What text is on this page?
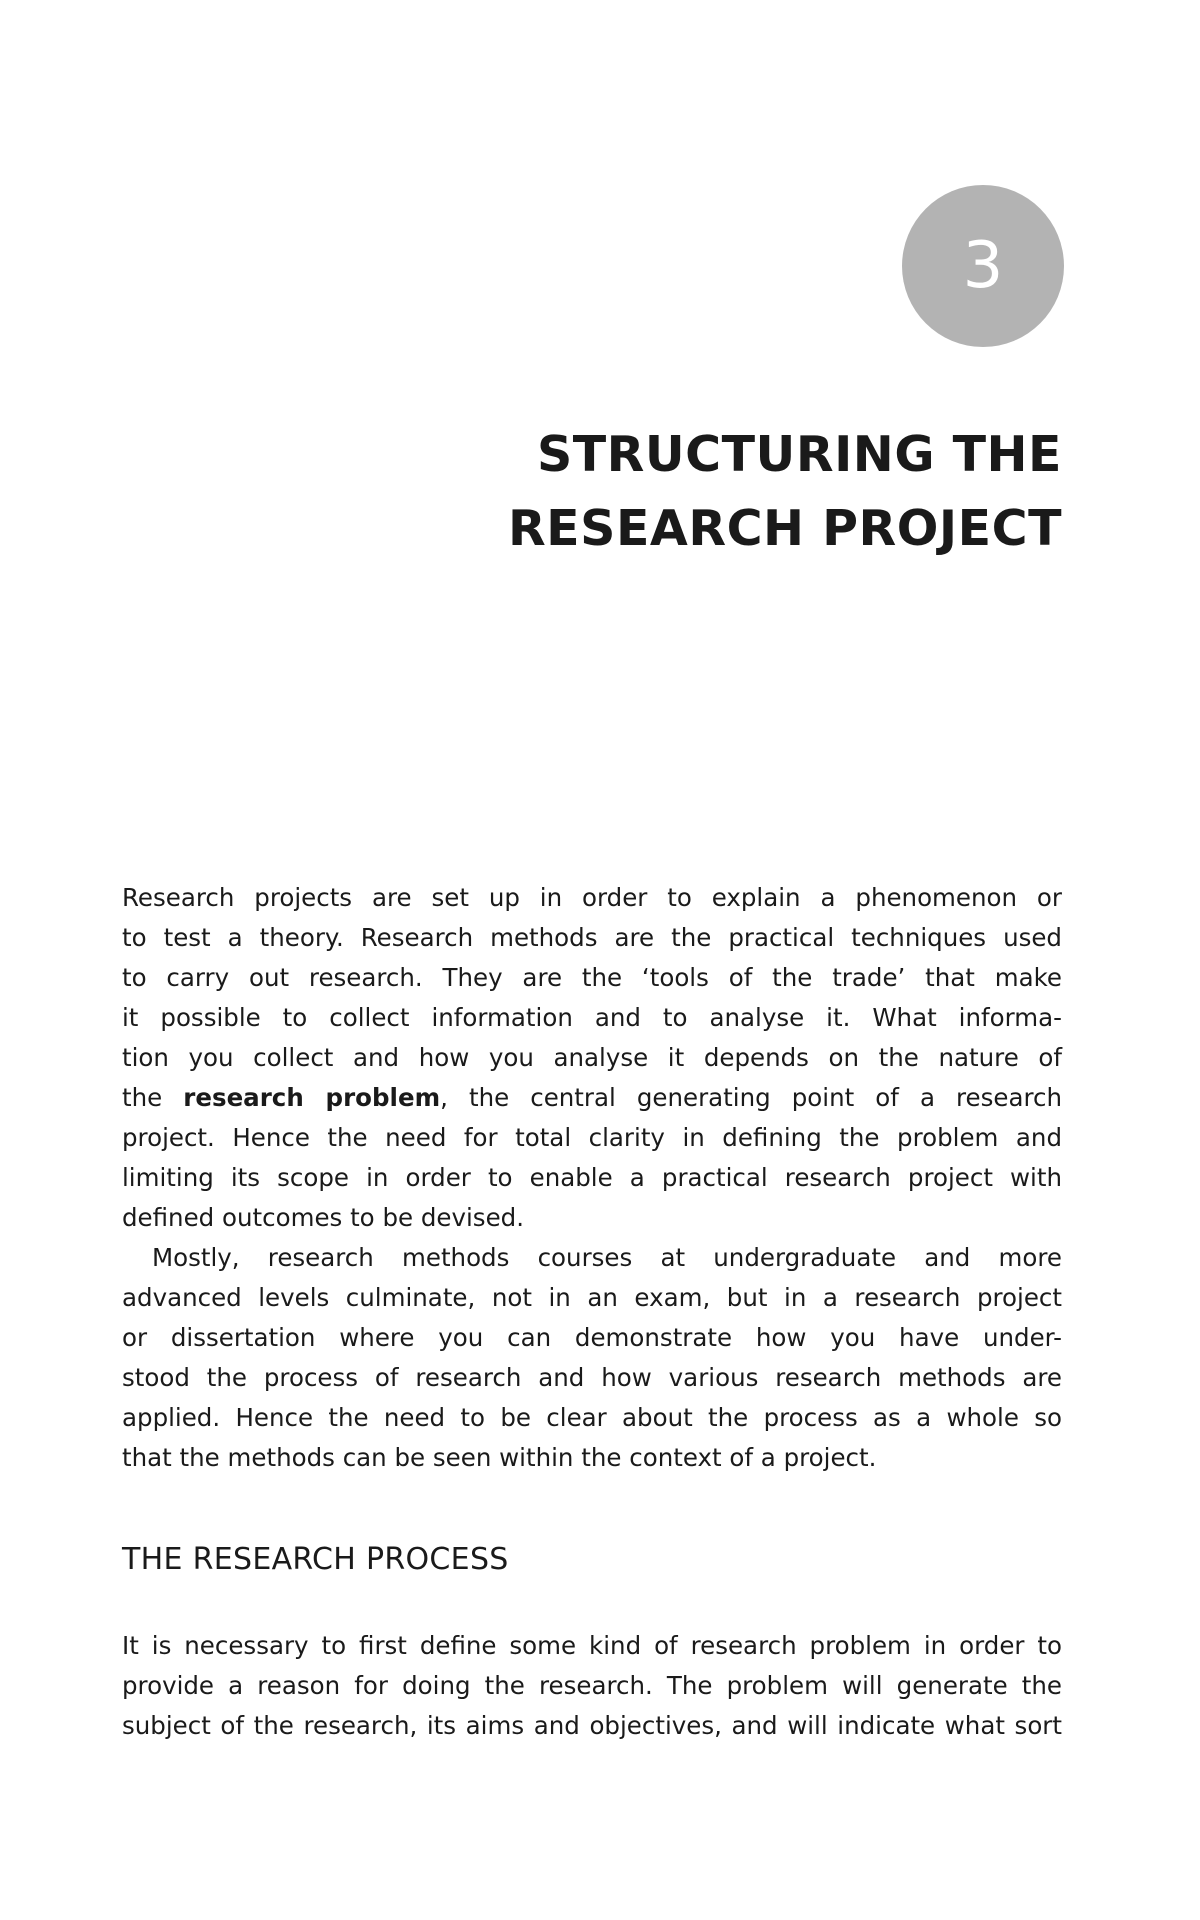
3
STRUCTURING THE
RESEARCH PROJECT
Research projects are set up in order to explain a phenomenon or
to test a theory. Research methods are the practical techniques used
to carry out research. They are the ‘tools of the trade’ that make
it possible to collect information and to analyse it. What informa-
tion you collect and how you analyse it depends on the nature of
the research problem, the central generating point of a research
project. Hence the need for total clarity in defining the problem and
limiting its scope in order to enable a practical research project with
defined outcomes to be devised.
Mostly, research methods courses at undergraduate and more
advanced levels culminate, not in an exam, but in a research project
or dissertation where you can demonstrate how you have under-
stood the process of research and how various research methods are
applied. Hence the need to be clear about the process as a whole so
that the methods can be seen within the context of a project.
THE RESEARCH PROCESS
It is necessary to first define some kind of research problem in order to
provide a reason for doing the research. The problem will generate the
subject of the research, its aims and objectives, and will indicate what sort
